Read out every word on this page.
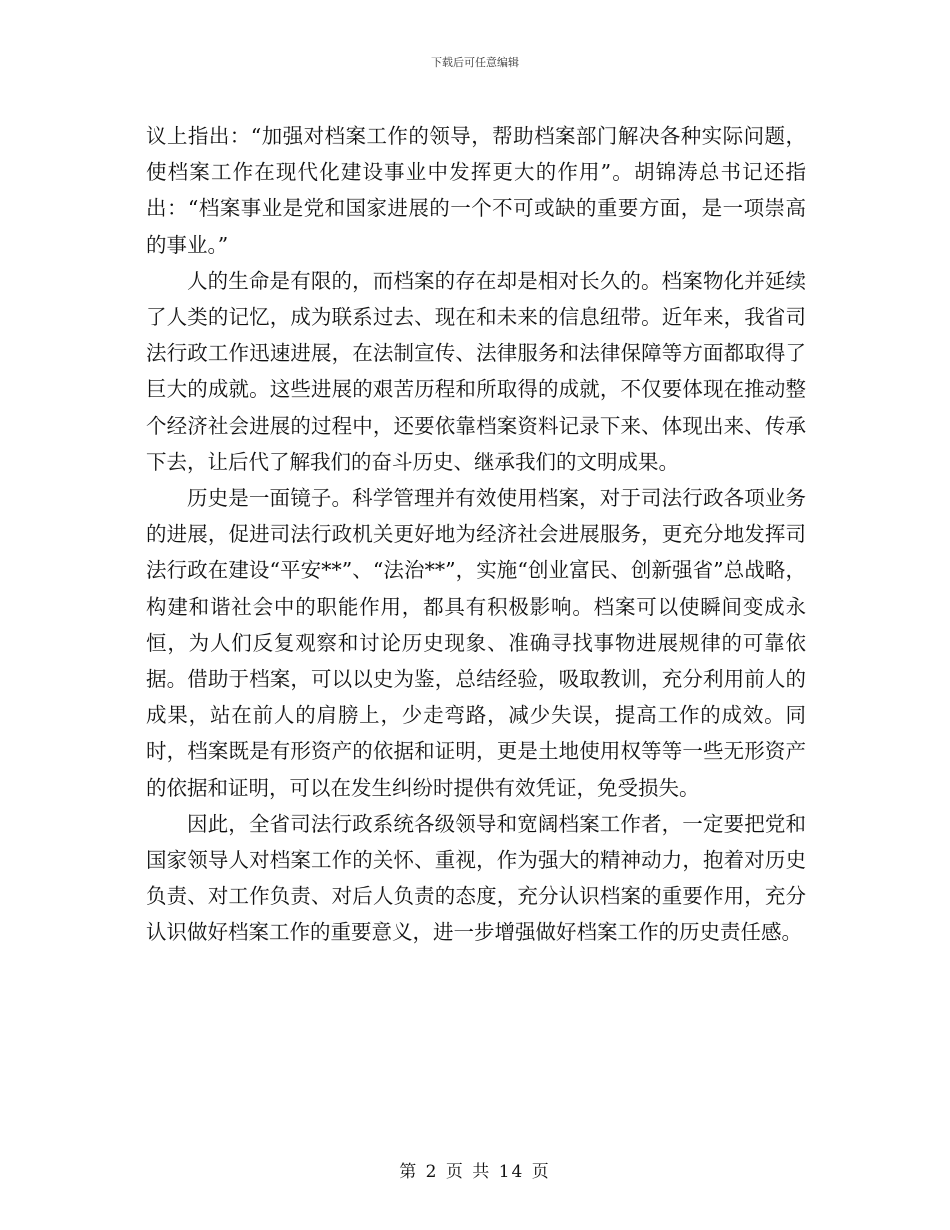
下载后可任意编辑

议上指出：“加强对档案工作的领导，帮助档案部门解决各种实际问题，使档案工作在现代化建设事业中发挥更大的作用”。胡锦涛总书记还指出：“档案事业是党和国家进展的一个不可或缺的重要方面，是一项崇高的事业。”

人的生命是有限的，而档案的存在却是相对长久的。档案物化并延续了人类的记忆，成为联系过去、现在和未来的信息纽带。近年来，我省司法行政工作迅速进展，在法制宣传、法律服务和法律保障等方面都取得了巨大的成就。这些进展的艰苦历程和所取得的成就，不仅要体现在推动整个经济社会进展的过程中，还要依靠档案资料记录下来、体现出来、传承下去，让后代了解我们的奋斗历史、继承我们的文明成果。

历史是一面镜子。科学管理并有效使用档案，对于司法行政各项业务的进展，促进司法行政机关更好地为经济社会进展服务，更充分地发挥司法行政在建设“平安**”、“法治**”，实施“创业富民、创新强省”总战略，构建和谐社会中的职能作用，都具有积极影响。档案可以使瞬间变成永恒，为人们反复观察和讨论历史现象、准确寻找事物进展规律的可靠依据。借助于档案，可以以史为鉴，总结经验，吸取教训，充分利用前人的成果，站在前人的肩膀上，少走弯路，减少失误，提高工作的成效。同时，档案既是有形资产的依据和证明，更是土地使用权等等一些无形资产的依据和证明，可以在发生纠纷时提供有效凭证，免受损失。

因此，全省司法行政系统各级领导和宽阔档案工作者，一定要把党和国家领导人对档案工作的关怀、重视，作为强大的精神动力，抱着对历史负责、对工作负责、对后人负责的态度，充分认识档案的重要作用，充分认识做好档案工作的重要意义，进一步增强做好档案工作的历史责任感。

第 2 页 共 14 页
